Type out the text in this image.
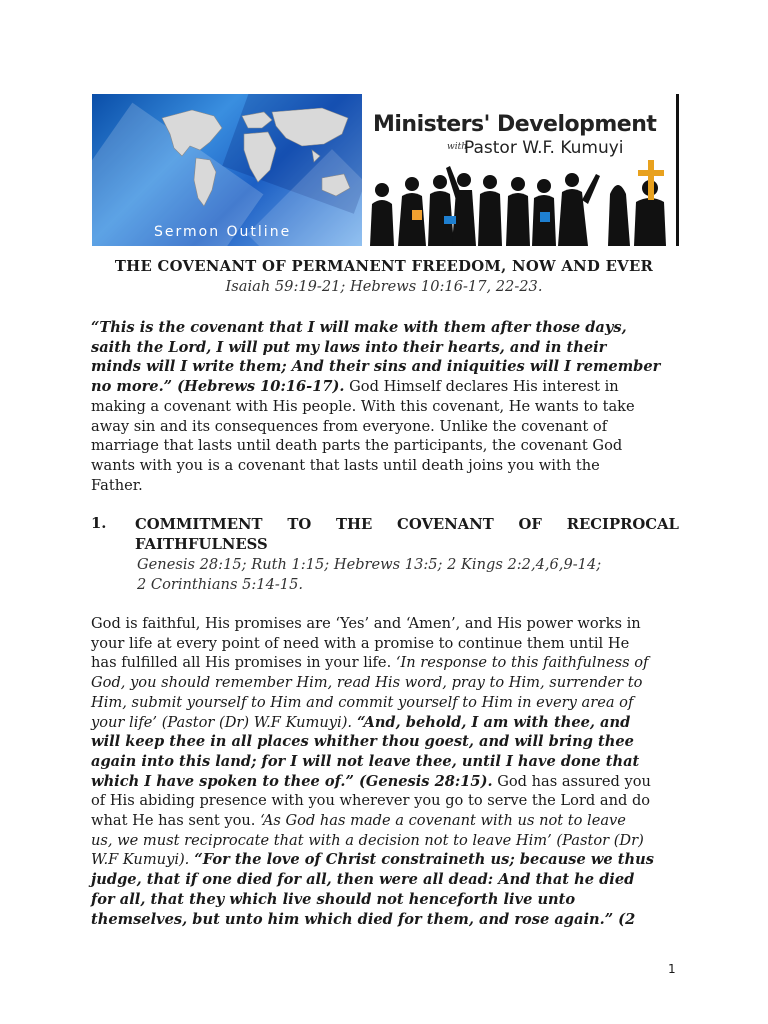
Sermon Outline
Ministers' Development
with
Pastor W.F. Kumuyi
THE COVENANT OF PERMANENT FREEDOM, NOW AND EVER
Isaiah 59:19-21; Hebrews 10:16-17, 22-23.
“This is the covenant that I will make with them after those days,
saith the Lord, I will put my laws into their hearts, and in their
minds will I write them; And their sins and iniquities will I remember
no more.” (Hebrews 10:16-17). God Himself declares His interest in
making a covenant with His people. With this covenant, He wants to take
away sin and its consequences from everyone. Unlike the covenant of
marriage that lasts until death parts the participants, the covenant God
wants with you is a covenant that lasts until death joins you with the
Father.
1. COMMITMENT TO THE COVENANT OF RECIPROCAL
FAITHFULNESS
Genesis 28:15; Ruth 1:15; Hebrews 13:5; 2 Kings 2:2,4,6,9-14;
2 Corinthians 5:14-15.
God is faithful, His promises are ‘Yes’ and ‘Amen’, and His power works in
your life at every point of need with a promise to continue them until He
has fulfilled all His promises in your life. ‘In response to this faithfulness of
God, you should remember Him, read His word, pray to Him, surrender to
Him, submit yourself to Him and commit yourself to Him in every area of
your life’ (Pastor (Dr) W.F Kumuyi). “And, behold, I am with thee, and
will keep thee in all places whither thou goest, and will bring thee
again into this land; for I will not leave thee, until I have done that
which I have spoken to thee of.” (Genesis 28:15). God has assured you
of His abiding presence with you wherever you go to serve the Lord and do
what He has sent you. ‘As God has made a covenant with us not to leave
us, we must reciprocate that with a decision not to leave Him’ (Pastor (Dr)
W.F Kumuyi). “For the love of Christ constraineth us; because we thus
judge, that if one died for all, then were all dead: And that he died
for all, that they which live should not henceforth live unto
themselves, but unto him which died for them, and rose again.” (2
1
